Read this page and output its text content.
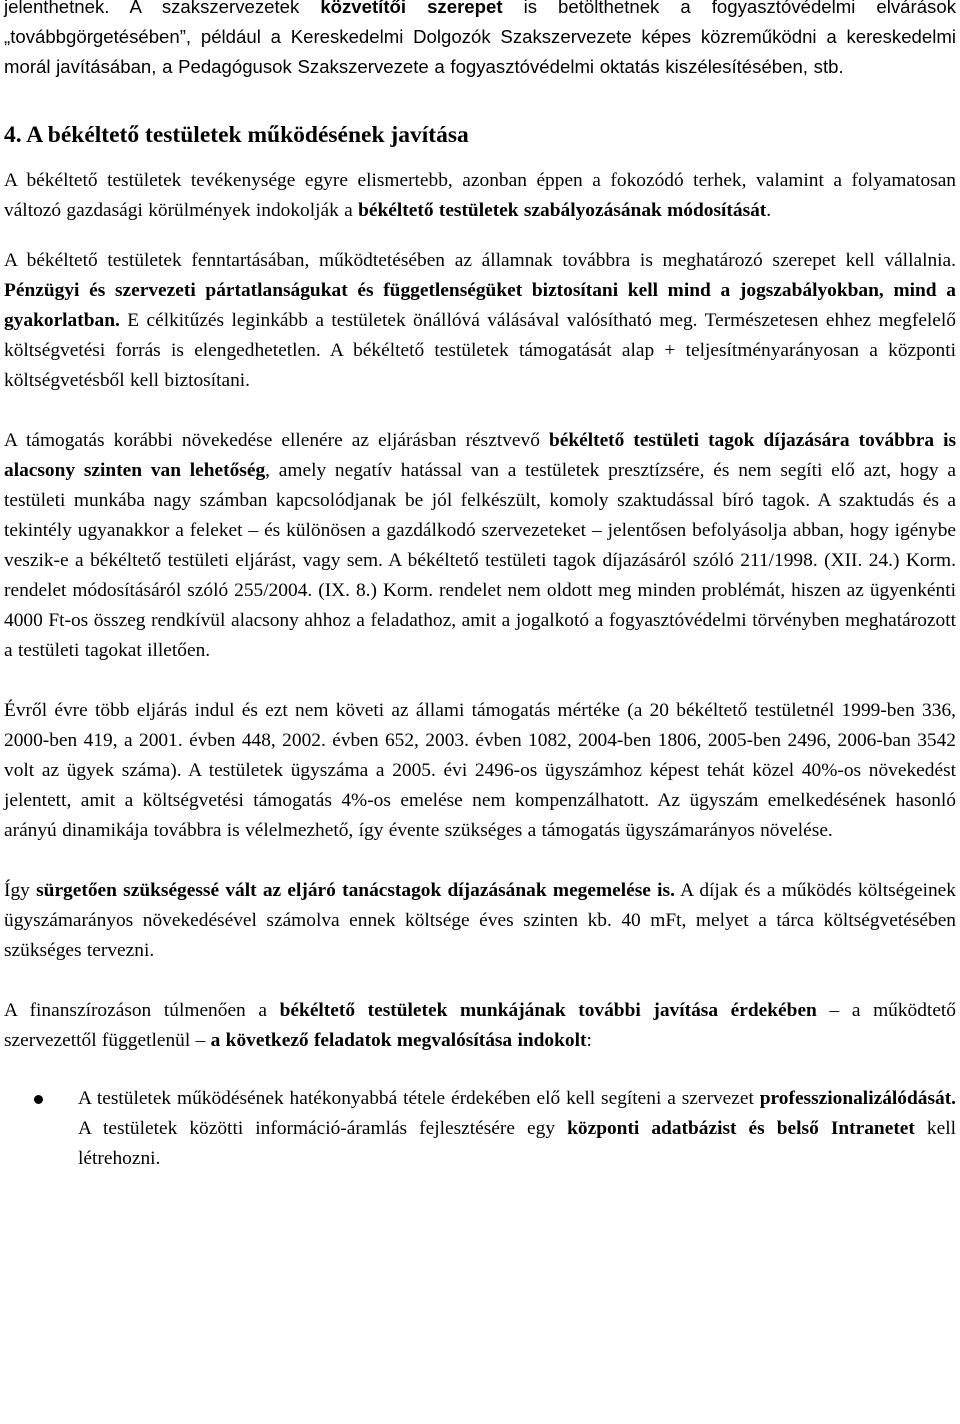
jelenthetnek. A szakszervezetek közvetítői szerepet is betölthetnek a fogyasztóvédelmi elvárások „továbbgörgetésében”, például a Kereskedelmi Dolgozók Szakszervezete képes közreműködni a kereskedelmi morál javításában, a Pedagógusok Szakszervezete a fogyasztóvédelmi oktatás kiszélesítésében, stb.

4. A békéltető testületek működésének javítása

A békéltető testületek tevékenysége egyre elismertebb, azonban éppen a fokozódó terhek, valamint a folyamatosan változó gazdasági körülmények indokolják a békéltető testületek szabályozásának módosítását.

A békéltető testületek fenntartásában, működtetésében az államnak továbbra is meghatározó szerepet kell vállalnia. Pénzügyi és szervezeti pártatlanságukat és függetlenségüket biztosítani kell mind a jogszabályokban, mind a gyakorlatban. E célkitűzés leginkább a testületek önállóvá válásával valósítható meg. Természetesen ehhez megfelelő költségvetési forrás is elengedhetetlen. A békéltető testületek támogatását alap + teljesítményarányosan a központi költségvetésből kell biztosítani.

A támogatás korábbi növekedése ellenére az eljárásban résztvevő békéltető testületi tagok díjazására továbbra is alacsony szinten van lehetőség, amely negatív hatással van a testületek presztízsére, és nem segíti elő azt, hogy a testületi munkába nagy számban kapcsolódjanak be jól felkészült, komoly szaktudással bíró tagok. A szaktudás és a tekintély ugyanakkor a feleket – és különösen a gazdálkodó szervezeteket – jelentősen befolyásolja abban, hogy igénybe veszik-e a békéltető testületi eljárást, vagy sem. A békéltető testületi tagok díjazásáról szóló 211/1998. (XII. 24.) Korm. rendelet módosításáról szóló 255/2004. (IX. 8.) Korm. rendelet nem oldott meg minden problémát, hiszen az ügyenkénti 4000 Ft-os összeg rendkívül alacsony ahhoz a feladathoz, amit a jogalkotó a fogyasztóvédelmi törvényben meghatározott a testületi tagokat illetően.

Évről évre több eljárás indul és ezt nem követi az állami támogatás mértéke (a 20 békéltető testületnél 1999-ben 336, 2000-ben 419, a 2001. évben 448, 2002. évben 652, 2003. évben 1082, 2004-ben 1806, 2005-ben 2496, 2006-ban 3542 volt az ügyek száma). A testületek ügyszáma a 2005. évi 2496-os ügyszámhoz képest tehát közel 40%-os növekedést jelentett, amit a költségvetési támogatás 4%-os emelése nem kompenzálhatott. Az ügyszám emelkedésének hasonló arányú dinamikája továbbra is vélelmezhető, így évente szükséges a támogatás ügyszámarányos növelése.

Így sürgetően szükségessé vált az eljáró tanácstagok díjazásának megemelése is. A díjak és a működés költségeinek ügyszámarányos növekedésével számolva ennek költsége éves szinten kb. 40 mFt, melyet a tárca költségvetésében szükséges tervezni.

A finanszírozáson túlmenően a békéltető testületek munkájának további javítása érdekében – a működtető szervezettől függetlenül – a következő feladatok megvalósítása indokolt:

A testületek működésének hatékonyabbá tétele érdekében elő kell segíteni a szervezet professzionalizálódását. A testületek közötti információ-áramlás fejlesztésére egy központi adatbázist és belső Intranetet kell létrehozni.
